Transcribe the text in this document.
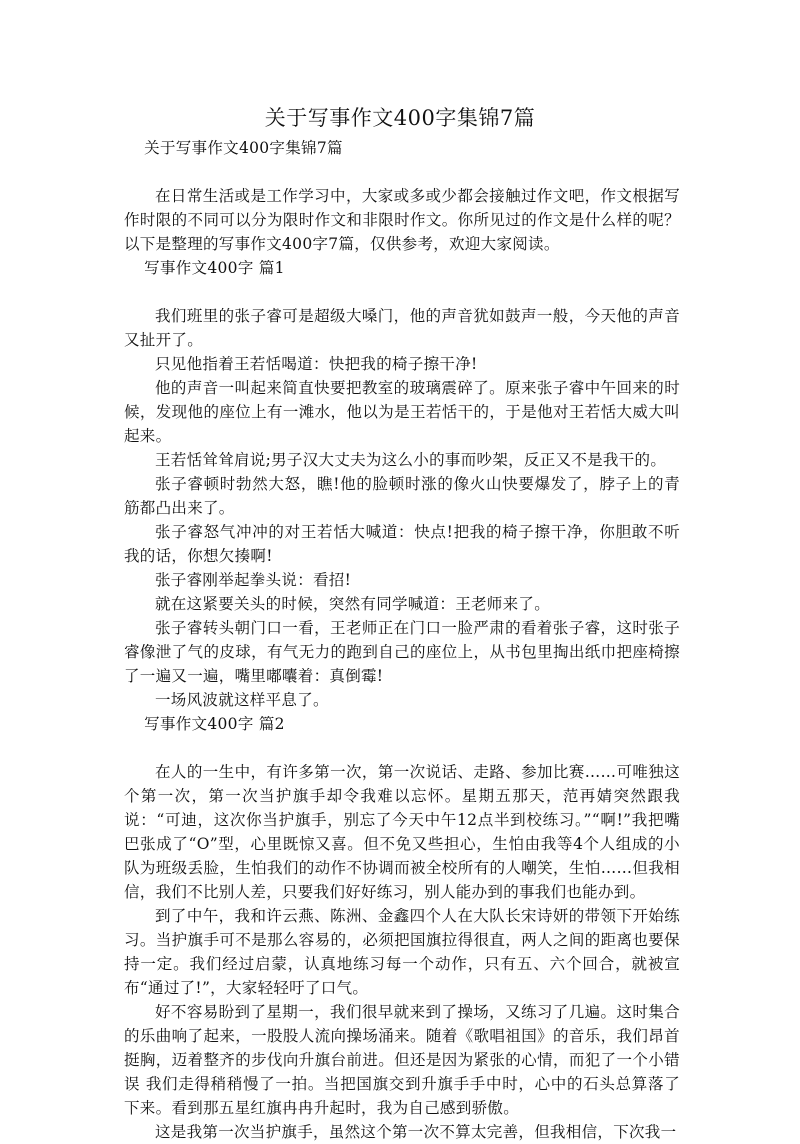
关于写事作文400字集锦7篇

关于写事作文400字集锦7篇

在日常生活或是工作学习中，大家或多或少都会接触过作文吧，作文根据写作时限的不同可以分为限时作文和非限时作文。你所见过的作文是什么样的呢？以下是整理的写事作文400字7篇，仅供参考，欢迎大家阅读。

写事作文400字 篇1

我们班里的张子睿可是超级大嗓门，他的声音犹如鼓声一般，今天他的声音又扯开了。

只见他指着王若恬喝道：快把我的椅子擦干净!

他的声音一叫起来简直快要把教室的玻璃震碎了。原来张子睿中午回来的时候，发现他的座位上有一滩水，他以为是王若恬干的，于是他对王若恬大威大叫起来。

王若恬耸耸肩说;男子汉大丈夫为这么小的事而吵架，反正又不是我干的。

张子睿顿时勃然大怒，瞧!他的脸顿时涨的像火山快要爆发了，脖子上的青筋都凸出来了。

张子睿怒气冲冲的对王若恬大喊道：快点!把我的椅子擦干净，你胆敢不听我的话，你想欠揍啊!

张子睿刚举起拳头说：看招!

就在这紧要关头的时候，突然有同学喊道：王老师来了。

张子睿转头朝门口一看，王老师正在门口一脸严肃的看着张子睿，这时张子睿像泄了气的皮球，有气无力的跑到自己的座位上，从书包里掏出纸巾把座椅擦了一遍又一遍，嘴里嘟囔着：真倒霉!

一场风波就这样平息了。

写事作文400字 篇2

在人的一生中，有许多第一次，第一次说话、走路、参加比赛……可唯独这个第一次，第一次当护旗手却令我难以忘怀。星期五那天，范再婧突然跟我说：“可迪，这次你当护旗手，别忘了今天中午12点半到校练习。”“啊!”我把嘴巴张成了“O”型，心里既惊又喜。但不免又些担心，生怕由我等4个人组成的小队为班级丢脸，生怕我们的动作不协调而被全校所有的人嘲笑，生怕……但我相信，我们不比别人差，只要我们好好练习，别人能办到的事我们也能办到。

到了中午，我和许云燕、陈洲、金鑫四个人在大队长宋诗妍的带领下开始练习。当护旗手可不是那么容易的，必须把国旗拉得很直，两人之间的距离也要保持一定。我们经过启蒙，认真地练习每一个动作，只有五、六个回合，就被宣布“通过了!”，大家轻轻吁了口气。

好不容易盼到了星期一，我们很早就来到了操场，又练习了几遍。这时集合的乐曲响了起来，一股股人流向操场涌来。随着《歌唱祖国》的音乐，我们昂首挺胸，迈着整齐的步伐向升旗台前进。但还是因为紧张的心情，而犯了一个小错误 我们走得稍稍慢了一拍。当把国旗交到升旗手手中时，心中的石头总算落了下来。看到那五星红旗冉冉升起时，我为自己感到骄傲。

这是我第一次当护旗手，虽然这个第一次不算太完善，但我相信，下次我一
